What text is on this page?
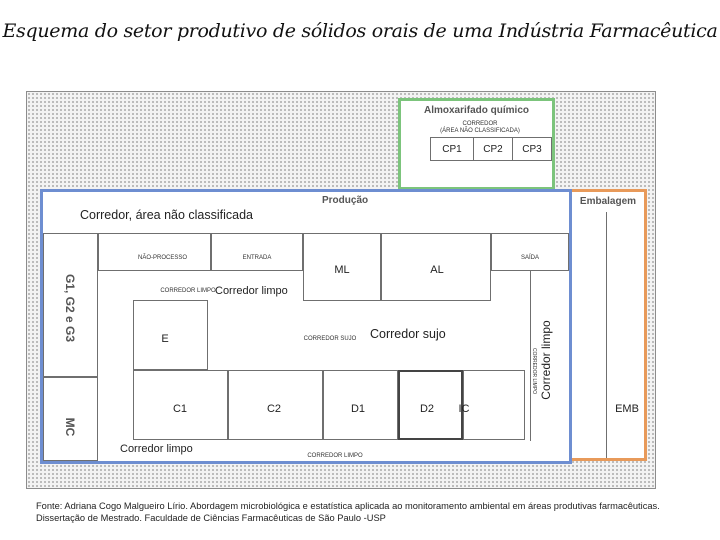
Esquema do setor produtivo de sólidos orais de uma Indústria Farmacêutica
Almoxarifado químico
CORREDOR
(ÁREA NÃO CLASSIFICADA)
CP1	CP2	CP3
Embalagem
EMB
Produção
Corredor, área não classificada
G1, G2 e G3
MC
NÃO-PROCESSO	ENTRADA
ML	AL
SAÍDA
CORREDOR LIMPO Corredor limpo
CORREDOR LIMPO Corredor limpo
E	CORREDOR SUJO	Corredor sujo
C1	C2	D1	D2	IC
Corredor limpo
CORREDOR LIMPO
Fonte: Adriana Cogo Malgueiro Lírio. Abordagem microbiológica e estatística aplicada ao monitoramento ambiental em áreas produtivas farmacêuticas. Dissertação de Mestrado. Faculdade de Ciências Farmacêuticas de São Paulo -USP
